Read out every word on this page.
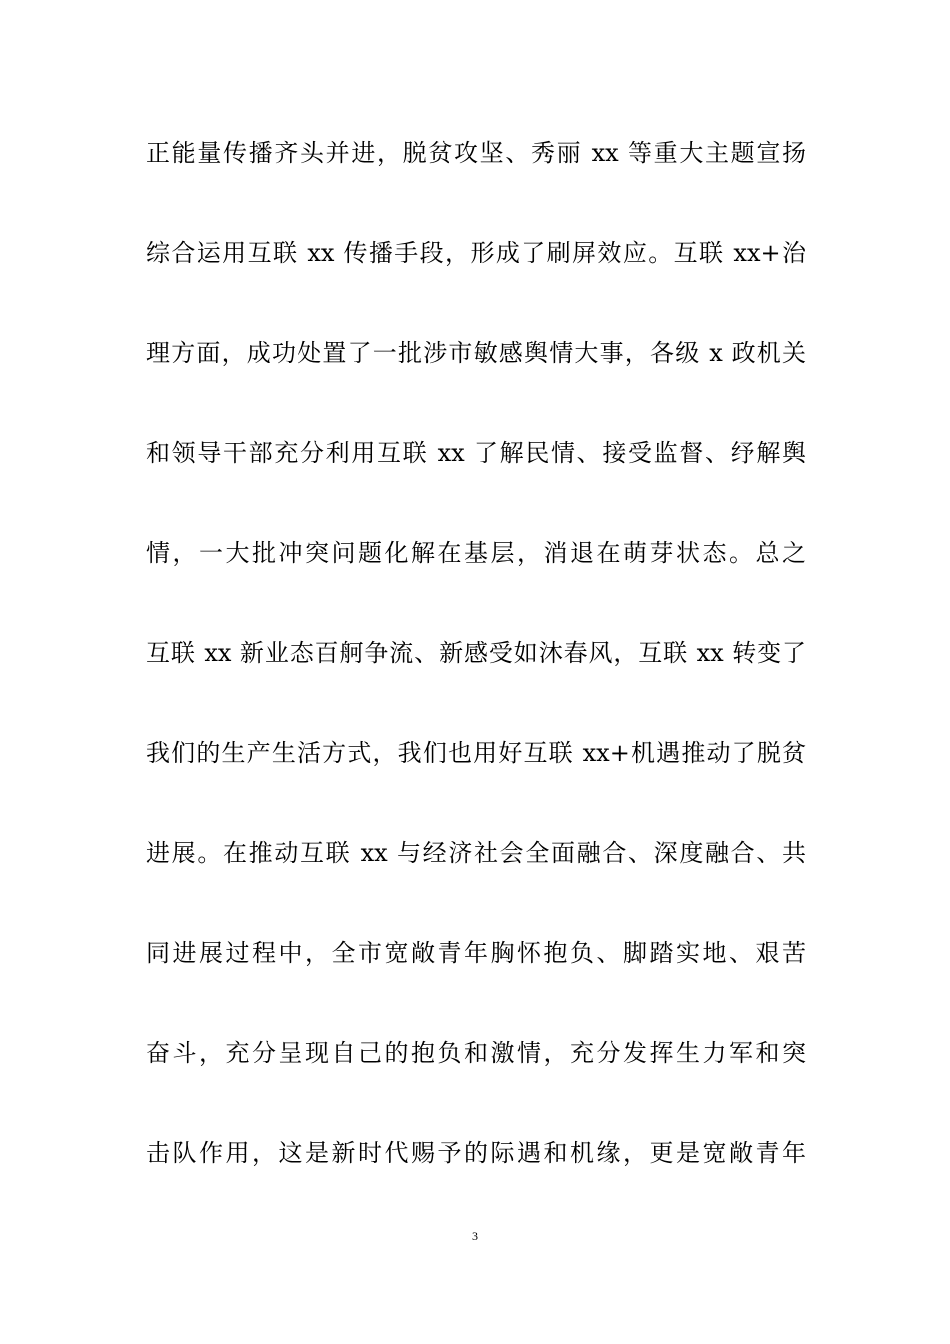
正能量传播齐头并进，脱贫攻坚、秀丽 xx 等重大主题宣扬
综合运用互联 xx 传播手段，形成了刷屏效应。互联 xx+治
理方面，成功处置了一批涉市敏感舆情大事，各级 x 政机关
和领导干部充分利用互联 xx 了解民情、接受监督、纾解舆
情，一大批冲突问题化解在基层，消退在萌芽状态。总之
互联 xx 新业态百舸争流、新感受如沐春风，互联 xx 转变了
我们的生产生活方式，我们也用好互联 xx+机遇推动了脱贫
进展。在推动互联 xx 与经济社会全面融合、深度融合、共
同进展过程中，全市宽敞青年胸怀抱负、脚踏实地、艰苦
奋斗，充分呈现自己的抱负和激情，充分发挥生力军和突
击队作用，这是新时代赐予的际遇和机缘，更是宽敞青年
3
